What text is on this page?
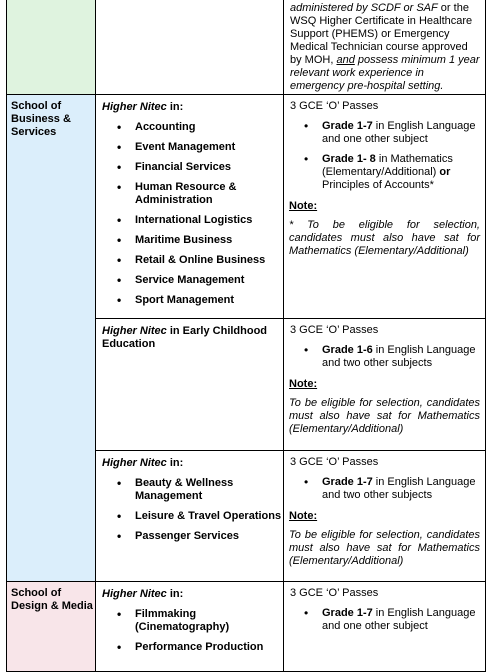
School of Business & Services
School of Design & Media
administered by SCDF or SAF or the WSQ Higher Certificate in Healthcare Support (PHEMS) or Emergency Medical Technician course approved by MOH, and possess minimum 1 year relevant work experience in emergency pre-hospital setting.
Higher Nitec in:
• Accounting
• Event Management
• Financial Services
• Human Resource & Administration
• International Logistics
• Maritime Business
• Retail & Online Business
• Service Management
• Sport Management
3 GCE ‘O’ Passes
• Grade 1-7 in English Language and one other subject
• Grade 1- 8 in Mathematics (Elementary/Additional) or Principles of Accounts*
Note:
* To be eligible for selection, candidates must also have sat for Mathematics (Elementary/Additional)
Higher Nitec in Early Childhood Education
3 GCE ‘O’ Passes
• Grade 1-6 in English Language and two other subjects
Note:
To be eligible for selection, candidates must also have sat for Mathematics (Elementary/Additional)
Higher Nitec in:
• Beauty & Wellness Management
• Leisure & Travel Operations
• Passenger Services
3 GCE ‘O’ Passes
• Grade 1-7 in English Language and two other subjects
Note:
To be eligible for selection, candidates must also have sat for Mathematics (Elementary/Additional)
Higher Nitec in:
• Filmmaking (Cinematography)
• Performance Production
3 GCE ‘O’ Passes
• Grade 1-7 in English Language and one other subject
